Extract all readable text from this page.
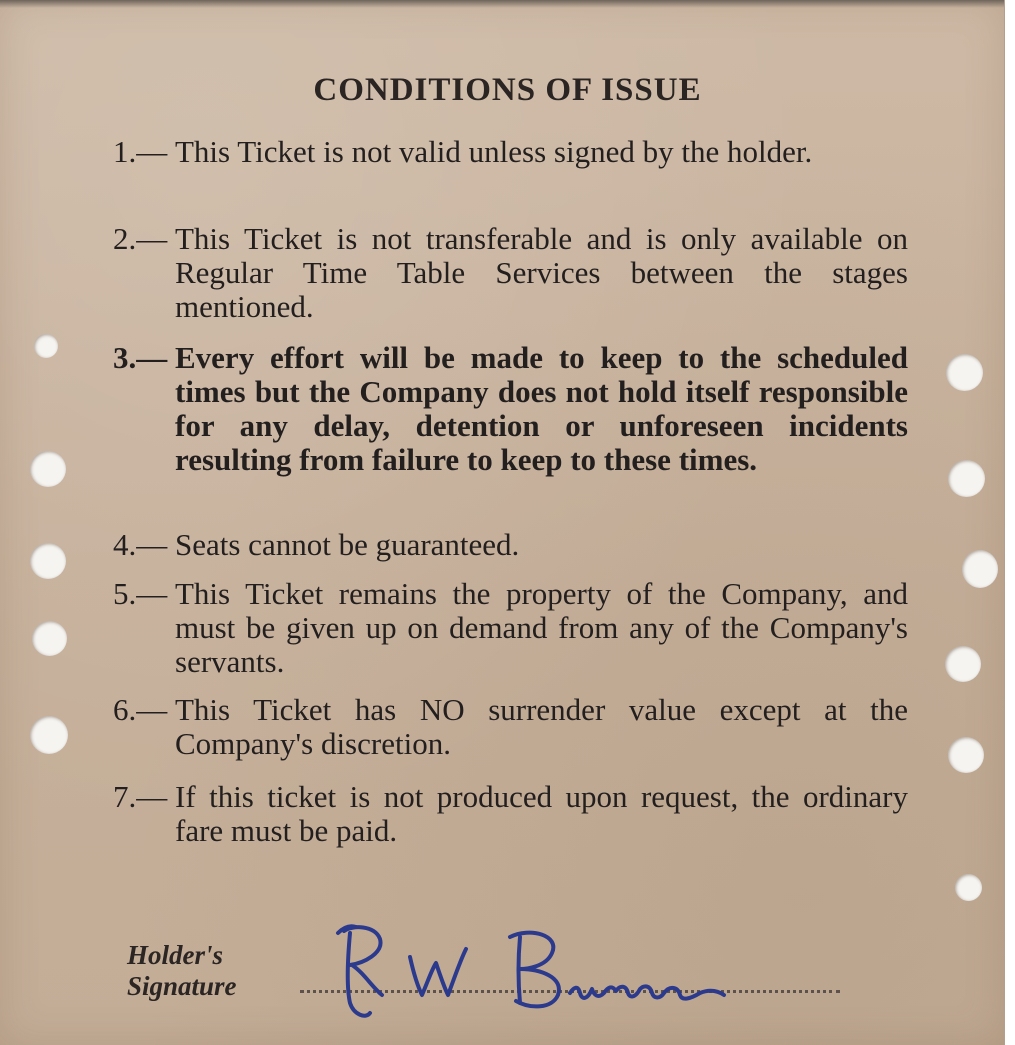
CONDITIONS OF ISSUE
1.— This Ticket is not valid unless signed by the holder.
2.— This Ticket is not transferable and is only available on Regular Time Table Services between the stages mentioned.
3.— Every effort will be made to keep to the scheduled times but the Company does not hold itself responsible for any delay, detention or unforeseen incidents resulting from failure to keep to these times.
4.— Seats cannot be guaranteed.
5.— This Ticket remains the property of the Company, and must be given up on demand from any of the Company's servants.
6.— This Ticket has NO surrender value except at the Company's discretion.
7.— If this ticket is not produced upon request, the ordinary fare must be paid.
Holder's
Signature
